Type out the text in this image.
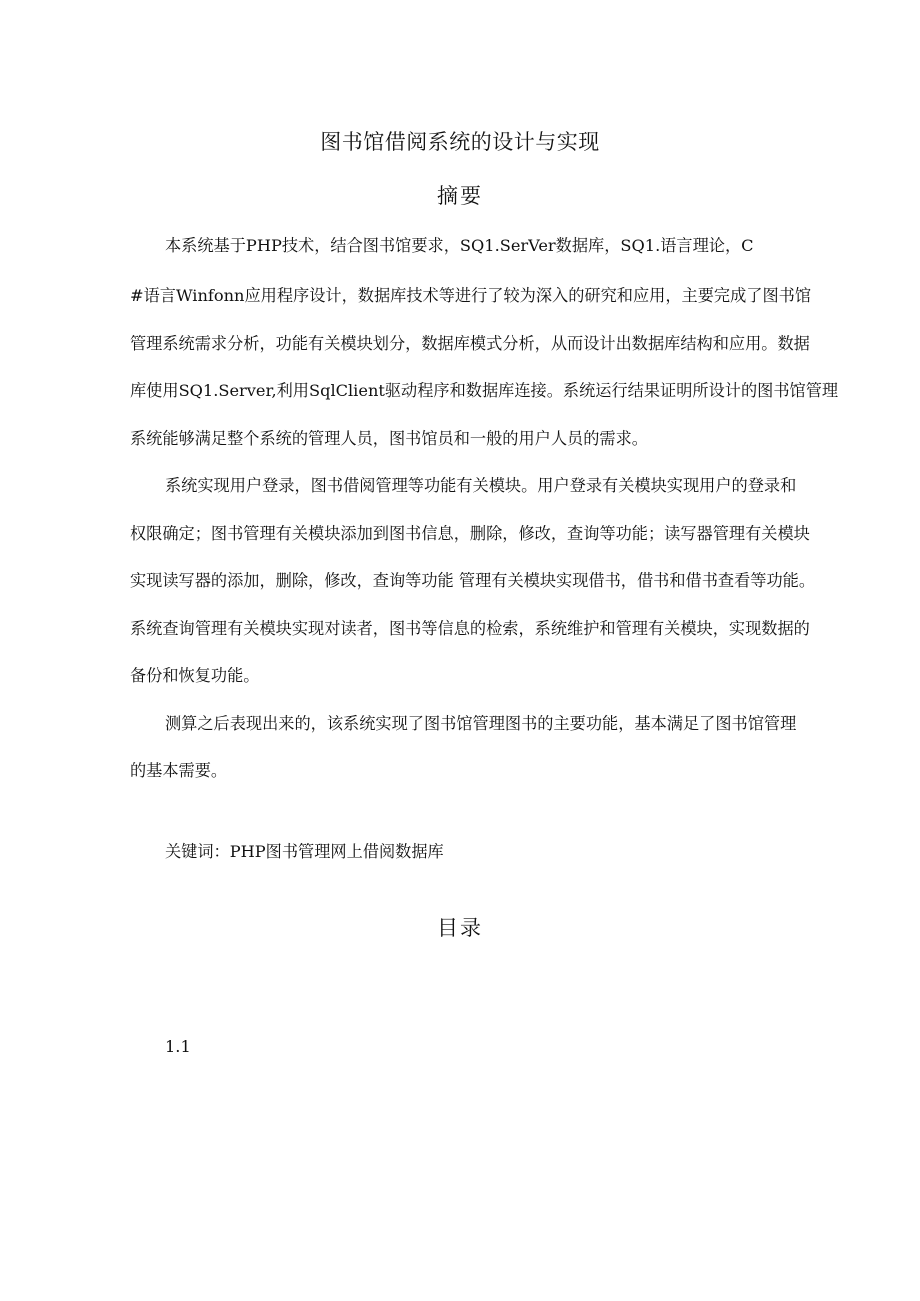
图书馆借阅系统的设计与实现
摘要
本系统基于PHP技术，结合图书馆要求，SQ1.SerVer数据库，SQ1.语言理论，C
#语言Winfonn应用程序设计，数据库技术等进行了较为深入的研究和应用，主要完成了图书馆
管理系统需求分析，功能有关模块划分，数据库模式分析，从而设计出数据库结构和应用。数据
库使用SQ1.Server,利用SqlClient驱动程序和数据库连接。系统运行结果证明所设计的图书馆管理
系统能够满足整个系统的管理人员，图书馆员和一般的用户人员的需求。
系统实现用户登录，图书借阅管理等功能有关模块。用户登录有关模块实现用户的登录和
权限确定；图书管理有关模块添加到图书信息，删除，修改，查询等功能；读写器管理有关模块
实现读写器的添加，删除，修改，查询等功能 管理有关模块实现借书，借书和借书查看等功能。
系统查询管理有关模块实现对读者，图书等信息的检索，系统维护和管理有关模块，实现数据的
备份和恢复功能。
测算之后表现出来的，该系统实现了图书馆管理图书的主要功能，基本满足了图书馆管理
的基本需要。
关键词：PHP图书管理网上借阅数据库
目录
1.1
